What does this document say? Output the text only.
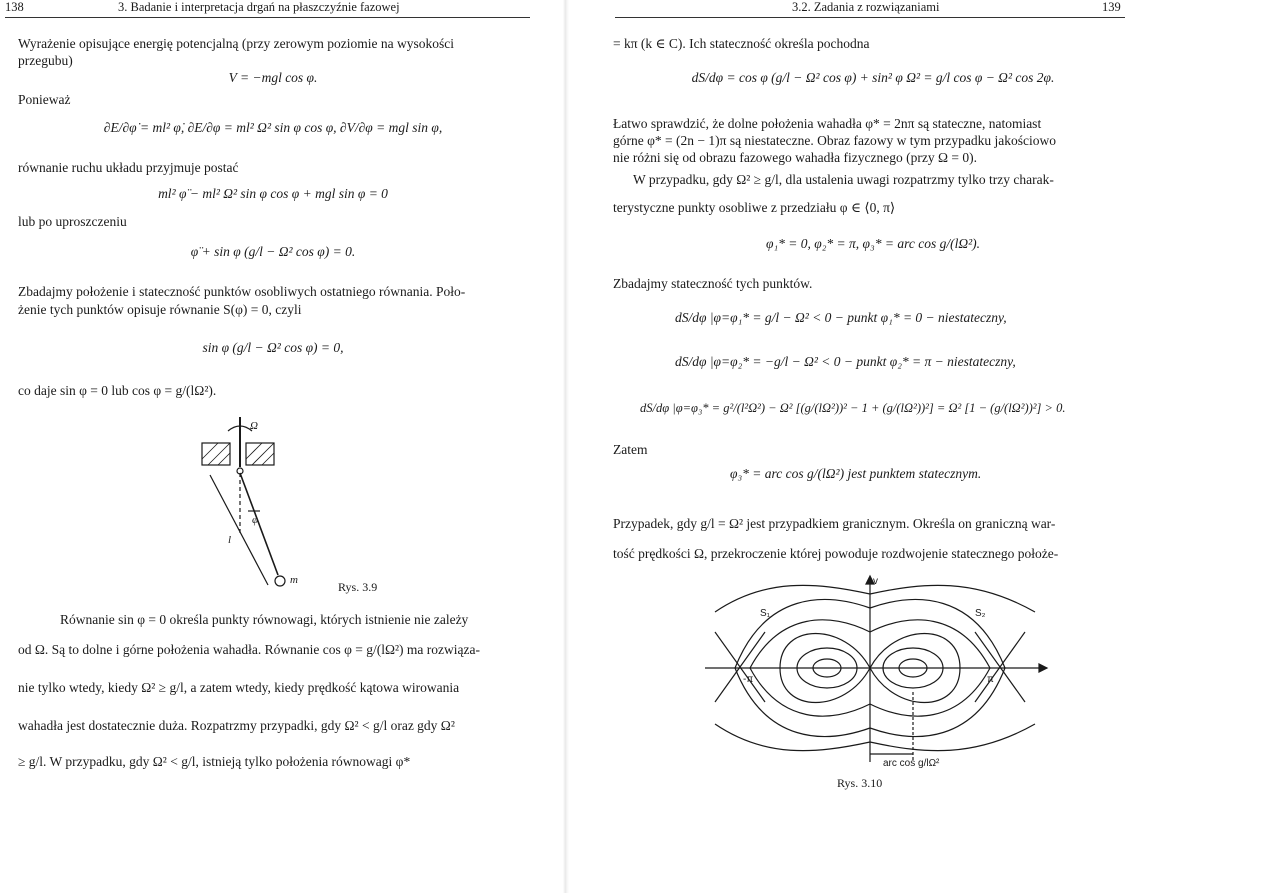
138	3. Badanie i interpretacja drgań na płaszczyźnie fazowej
Wyrażenie opisujące energię potencjalną (przy zerowym poziomie na wysokości
przegubu)
V = −mgl cos φ.
Ponieważ
∂E/∂φ̇ = ml² φ̇, ∂E/∂φ = ml² Ω² sin φ cos φ, ∂V/∂φ = mgl sin φ,
równanie ruchu układu przyjmuje postać
ml² φ̈ − ml² Ω² sin φ cos φ + mgl sin φ = 0
lub po uproszczeniu
φ̈ + sin φ (g/l − Ω² cos φ) = 0.
Zbadajmy położenie i stateczność punktów osobliwych ostatniego równania. Poło-
żenie tych punktów opisuje równanie S(φ) = 0, czyli
sin φ (g/l − Ω² cos φ) = 0,
co daje sin φ = 0 lub cos φ = g/(lΩ²).
Ω
φ
l
m	Rys. 3.9
Równanie sin φ = 0 określa punkty równowagi, których istnienie nie zależy
od Ω. Są to dolne i górne położenia wahadła. Równanie cos φ = g/(lΩ²) ma rozwiąza-
nie tylko wtedy, kiedy Ω² ≥ g/l, a zatem wtedy, kiedy prędkość kątowa wirowania
wahadła jest dostatecznie duża. Rozpatrzmy przypadki, gdy Ω² < g/l oraz gdy Ω²
≥ g/l. W przypadku, gdy Ω² < g/l, istnieją tylko położenia równowagi φ*
3.2. Zadania z rozwiązaniami	139
= kπ (k ∈ C). Ich stateczność określa pochodna
dS/dφ = cos φ (g/l − Ω² cos φ) + sin² φ Ω² = g/l cos φ − Ω² cos 2φ.
Łatwo sprawdzić, że dolne położenia wahadła φ* = 2nπ są stateczne, natomiast
górne φ* = (2n − 1)π są niestateczne. Obraz fazowy w tym przypadku jakościowo
nie różni się od obrazu fazowego wahadła fizycznego (przy Ω = 0).
W przypadku, gdy Ω² ≥ g/l, dla ustalenia uwagi rozpatrzmy tylko trzy charak-
terystyczne punkty osobliwe z przedziału φ ∈ ⟨0, π⟩
φ₁* = 0, φ₂* = π, φ₃* = arc cos g/(lΩ²).
Zbadajmy stateczność tych punktów.
dS/dφ |φ=φ₁* = g/l − Ω² < 0 − punkt φ₁* = 0 − niestateczny,
dS/dφ |φ=φ₂* = −g/l − Ω² < 0 − punkt φ₂* = π − niestateczny,
dS/dφ |φ=φ₃* = g²/(l²Ω²) − Ω² [(g/(lΩ²))² − 1 + (g/(lΩ²))²] = Ω² [1 − (g/(lΩ²))²] > 0.
Zatem
φ₃* = arc cos g/(lΩ²) jest punktem statecznym.
Przypadek, gdy g/l = Ω² jest przypadkiem granicznym. Określa on graniczną war-
tość prędkości Ω, przekroczenie której powoduje rozdwojenie statecznego położe-
v
S₁	S₂
-π	π
arc cos g/lΩ²
Rys. 3.10
